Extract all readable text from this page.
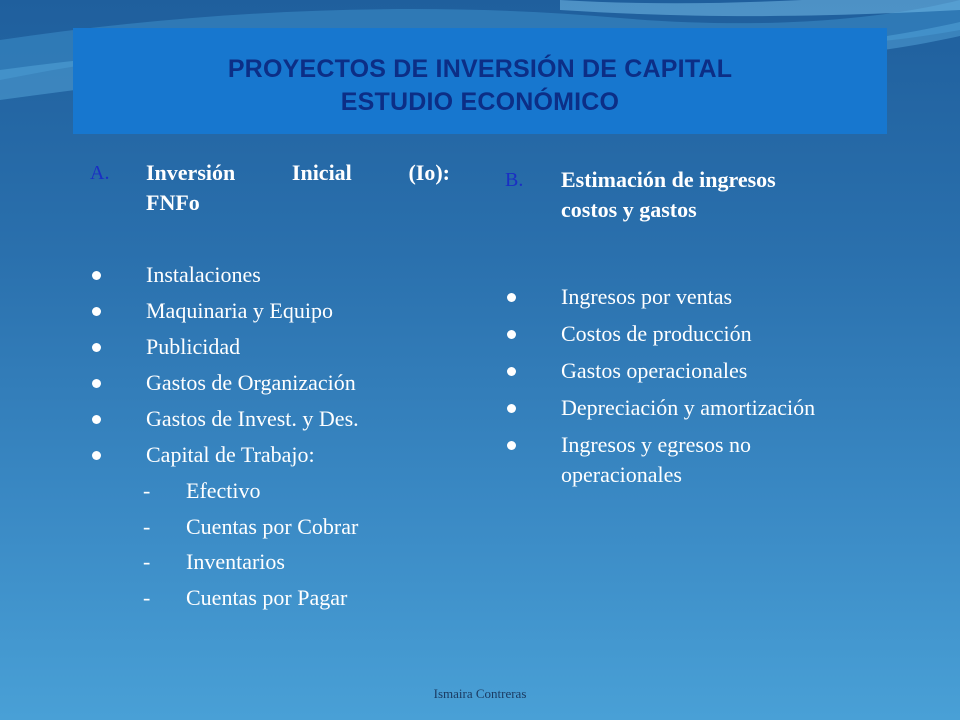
PROYECTOS DE INVERSIÓN DE CAPITAL
ESTUDIO ECONÓMICO
A. Inversión	Inicial	(Io):
FNFo
Instalaciones
Maquinaria y Equipo
Publicidad
Gastos de Organización
Gastos de Invest. y Des.
Capital de Trabajo:
- Efectivo
- Cuentas por Cobrar
- Inventarios
- Cuentas por Pagar
B. Estimación de ingresos
costos y gastos
Ingresos por ventas
Costos de producción
Gastos operacionales
Depreciación y amortización
Ingresos y egresos no operacionales
Ismaira Contreras
